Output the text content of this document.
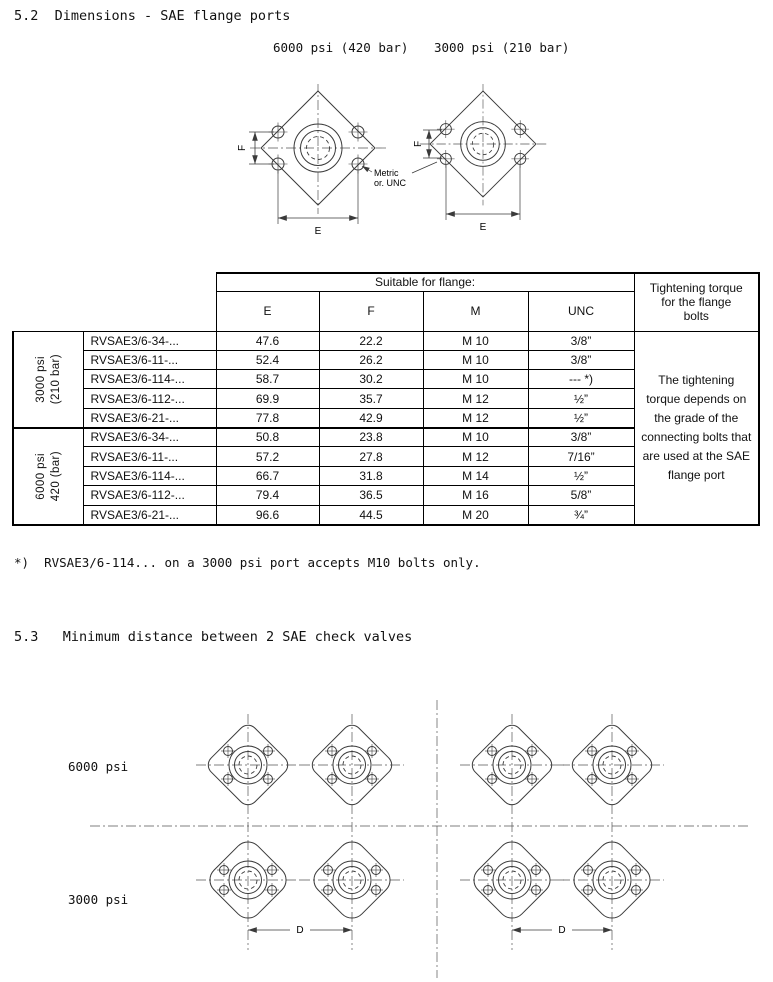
5.2  Dimensions - SAE flange ports
6000 psi (420 bar) 3000 psi (210 bar)
F
E
F
E
Metric
or. UNC
		Suitable for flange:				Tightening torque
for the flange
bolts

		E	F	M	UNC	

3000 psi (210 bar)	RVSAE3/6-34-...	47.6	22.2	M 10	3/8”	The tightening torque depends on the grade of the connecting bolts that are used at the SAE flange port
	RVSAE3/6-11-...	52.4	26.2	M 10	3/8”	
	RVSAE3/6-114-...	58.7	30.2	M 10	--- *)	
	RVSAE3/6-112-...	69.9	35.7	M 12	½”	
	RVSAE3/6-21-...	77.8	42.9	M 12	½”	

6000 psi 420 (bar)	RVSAE3/6-34-...	50.8	23.8	M 10	3/8”	
	RVSAE3/6-11-...	57.2	27.8	M 12	7/16”	
	RVSAE3/6-114-...	66.7	31.8	M 14	½”	
	RVSAE3/6-112-...	79.4	36.5	M 16	5/8”	
	RVSAE3/6-21-...	96.6	44.5	M 20	¾”	
*)  RVSAE3/6-114... on a 3000 psi port accepts M10 bolts only.
5.3   Minimum distance between 2 SAE check valves
6000 psi
3000 psi
D	D
